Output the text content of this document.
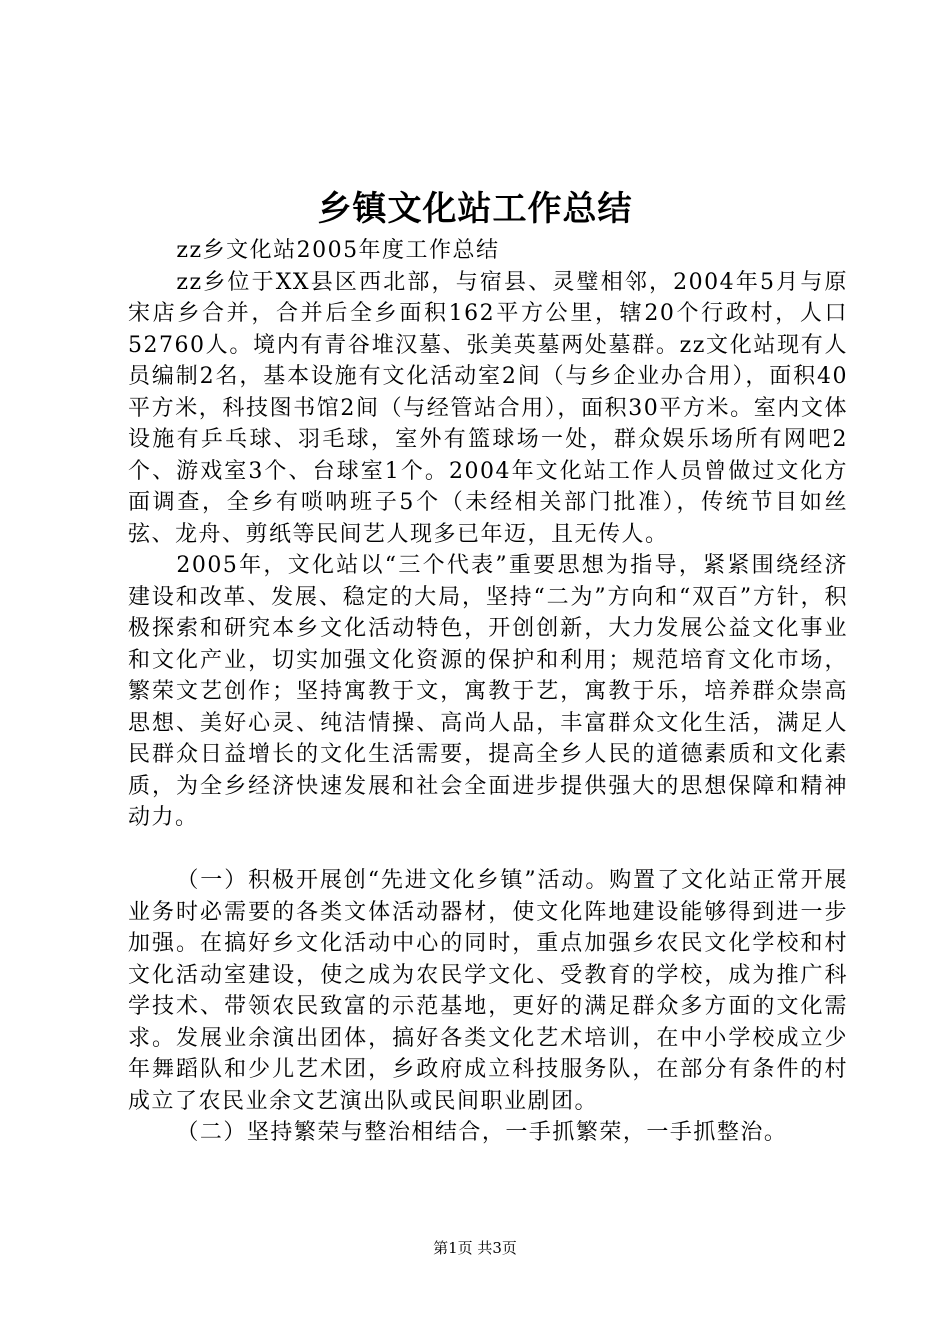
乡镇文化站工作总结

zz乡文化站2005年度工作总结

zz乡位于XX县区西北部，与宿县、灵璧相邻，2004年5月与原宋店乡合并，合并后全乡面积162平方公里，辖20个行政村，人口52760人。境内有青谷堆汉墓、张美英墓两处墓群。zz文化站现有人员编制2名，基本设施有文化活动室2间（与乡企业办合用），面积40平方米，科技图书馆2间（与经管站合用），面积30平方米。室内文体设施有乒乓球、羽毛球，室外有篮球场一处，群众娱乐场所有网吧2个、游戏室3个、台球室1个。2004年文化站工作人员曾做过文化方面调查，全乡有唢呐班子5个（未经相关部门批准），传统节目如丝弦、龙舟、剪纸等民间艺人现多已年迈，且无传人。

2005年，文化站以“三个代表”重要思想为指导，紧紧围绕经济建设和改革、发展、稳定的大局，坚持“二为”方向和“双百”方针，积极探索和研究本乡文化活动特色，开创创新，大力发展公益文化事业和文化产业，切实加强文化资源的保护和利用；规范培育文化市场，繁荣文艺创作；坚持寓教于文，寓教于艺，寓教于乐，培养群众崇高思想、美好心灵、纯洁情操、高尚人品，丰富群众文化生活，满足人民群众日益增长的文化生活需要，提高全乡人民的道德素质和文化素质，为全乡经济快速发展和社会全面进步提供强大的思想保障和精神动力。

（一）积极开展创“先进文化乡镇”活动。购置了文化站正常开展业务时必需要的各类文体活动器材，使文化阵地建设能够得到进一步加强。在搞好乡文化活动中心的同时，重点加强乡农民文化学校和村文化活动室建设，使之成为农民学文化、受教育的学校，成为推广科学技术、带领农民致富的示范基地，更好的满足群众多方面的文化需求。发展业余演出团体，搞好各类文化艺术培训，在中小学校成立少年舞蹈队和少儿艺术团，乡政府成立科技服务队，在部分有条件的村成立了农民业余文艺演出队或民间职业剧团。

（二）坚持繁荣与整治相结合，一手抓繁荣，一手抓整治。

第1页 共3页
